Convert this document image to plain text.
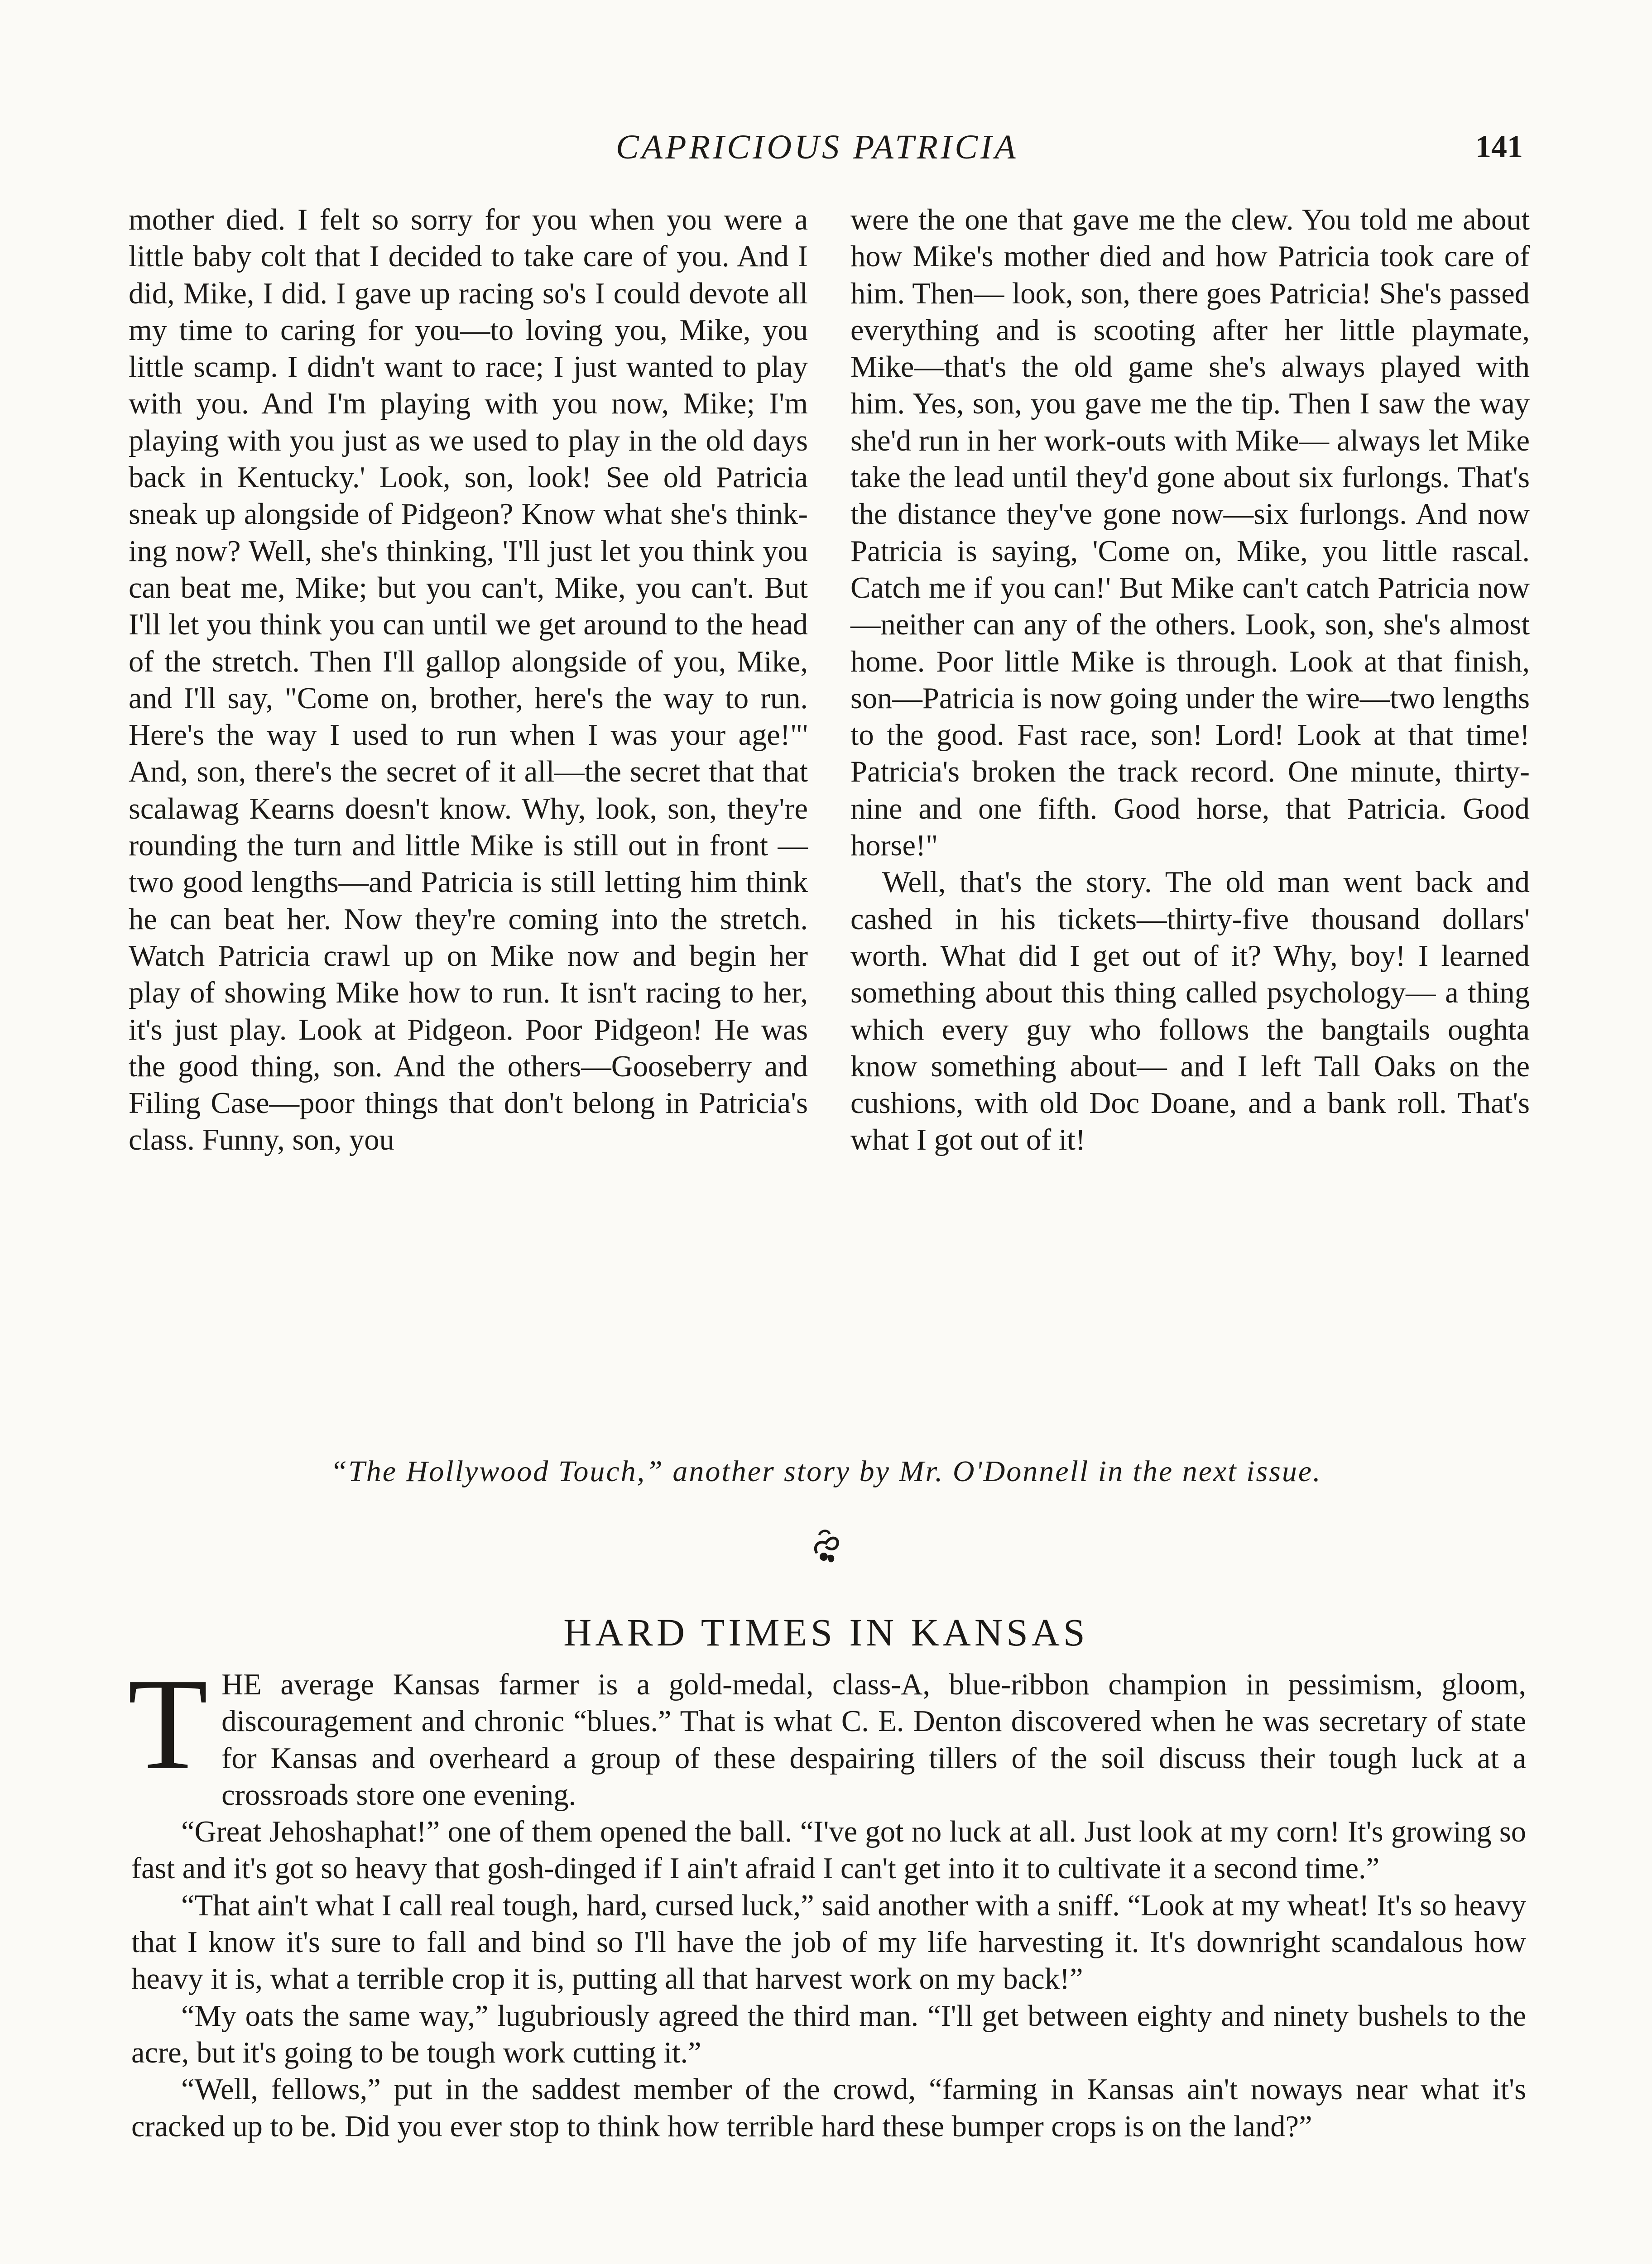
CAPRICIOUS PATRICIA	141

mother died. I felt so sorry for you when you were a little baby colt that I decided to take care of you. And I did, Mike, I did. I gave up racing so's I could devote all my time to caring for you—to loving you, Mike, you little scamp. I didn't want to race; I just wanted to play with you. And I'm playing with you now, Mike; I'm playing with you just as we used to play in the old days back in Kentucky.' Look, son, look! See old Patricia sneak up alongside of Pidgeon? Know what she's thinking now? Well, she's thinking, 'I'll just let you think you can beat me, Mike; but you can't, Mike, you can't. But I'll let you think you can until we get around to the head of the stretch. Then I'll gallop alongside of you, Mike, and I'll say, "Come on, brother, here's the way to run. Here's the way I used to run when I was your age!"' And, son, there's the secret of it all—the secret that that scalawag Kearns doesn't know. Why, look, son, they're rounding the turn and little Mike is still out in front —two good lengths—and Patricia is still letting him think he can beat her. Now they're coming into the stretch. Watch Patricia crawl up on Mike now and begin her play of showing Mike how to run. It isn't racing to her, it's just play. Look at Pidgeon. Poor Pidgeon! He was the good thing, son. And the others—Gooseberry and Filing Case—poor things that don't belong in Patricia's class. Funny, son, you

were the one that gave me the clew. You told me about how Mike's mother died and how Patricia took care of him. Then— look, son, there goes Patricia! She's passed everything and is scooting after her little playmate, Mike—that's the old game she's always played with him. Yes, son, you gave me the tip. Then I saw the way she'd run in her work-outs with Mike— always let Mike take the lead until they'd gone about six furlongs. That's the distance they've gone now—six furlongs. And now Patricia is saying, 'Come on, Mike, you little rascal. Catch me if you can!' But Mike can't catch Patricia now—neither can any of the others. Look, son, she's almost home. Poor little Mike is through. Look at that finish, son—Patricia is now going under the wire—two lengths to the good. Fast race, son! Lord! Look at that time! Patricia's broken the track record. One minute, thirty-nine and one fifth. Good horse, that Patricia. Good horse!"

Well, that's the story. The old man went back and cashed in his tickets—thirty-five thousand dollars' worth. What did I get out of it? Why, boy! I learned something about this thing called psychology— a thing which every guy who follows the bangtails oughta know something about— and I left Tall Oaks on the cushions, with old Doc Doane, and a bank roll. That's what I got out of it!

“The Hollywood Touch,” another story by Mr. O'Donnell in the next issue.
HARD TIMES IN KANSAS

THE average Kansas farmer is a gold-medal, class-A, blue-ribbon champion in pessimism, gloom, discouragement and chronic “blues.” That is what C. E. Denton discovered when he was secretary of state for Kansas and overheard a group of these despairing tillers of the soil discuss their tough luck at a crossroads store one evening.

“Great Jehoshaphat!” one of them opened the ball. “I've got no luck at all. Just look at my corn! It's growing so fast and it's got so heavy that gosh-dinged if I ain't afraid I can't get into it to cultivate it a second time.”

“That ain't what I call real tough, hard, cursed luck,” said another with a sniff. “Look at my wheat! It's so heavy that I know it's sure to fall and bind so I'll have the job of my life harvesting it. It's downright scandalous how heavy it is, what a terrible crop it is, putting all that harvest work on my back!”

“My oats the same way,” lugubriously agreed the third man. “I'll get between eighty and ninety bushels to the acre, but it's going to be tough work cutting it.”

“Well, fellows,” put in the saddest member of the crowd, “farming in Kansas ain't noways near what it's cracked up to be. Did you ever stop to think how terrible hard these bumper crops is on the land?”
